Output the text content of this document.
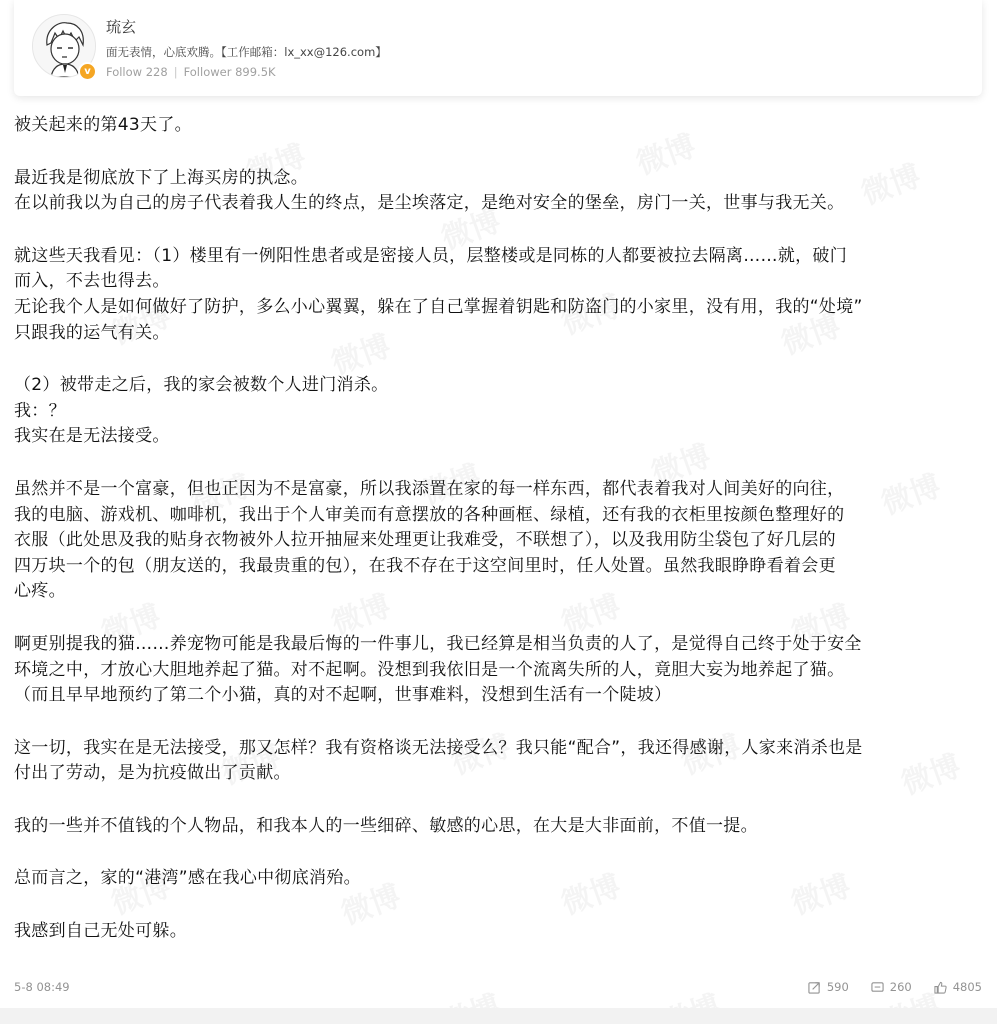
v
琉玄
面无表情，心底欢腾。【工作邮箱：lx_xx@126.com】
Follow 228 | Follower 899.5K

被关起来的第43天了。

最近我是彻底放下了上海买房的执念。

在以前我以为自己的房子代表着我人生的终点，是尘埃落定，是绝对安全的堡垒，房门一关，世事与我无关。

就这些天我看见：（1）楼里有一例阳性患者或是密接人员，层整楼或是同栋的人都要被拉去隔离……就，破门

而入，不去也得去。

无论我个人是如何做好了防护，多么小心翼翼，躲在了自己掌握着钥匙和防盗门的小家里，没有用，我的“处境”

只跟我的运气有关。

（2）被带走之后，我的家会被数个人进门消杀。

我：？

我实在是无法接受。

虽然并不是一个富豪，但也正因为不是富豪，所以我添置在家的每一样东西，都代表着我对人间美好的向往，

我的电脑、游戏机、咖啡机，我出于个人审美而有意摆放的各种画框、绿植，还有我的衣柜里按颜色整理好的

衣服（此处思及我的贴身衣物被外人拉开抽屉来处理更让我难受，不联想了），以及我用防尘袋包了好几层的

四万块一个的包（朋友送的，我最贵重的包），在我不存在于这空间里时，任人处置。虽然我眼睁睁看着会更

心疼。

啊更别提我的猫……养宠物可能是我最后悔的一件事儿，我已经算是相当负责的人了，是觉得自己终于处于安全

环境之中，才放心大胆地养起了猫。对不起啊。没想到我依旧是一个流离失所的人，竟胆大妄为地养起了猫。

（而且早早地预约了第二个小猫，真的对不起啊，世事难料，没想到生活有一个陡坡）

这一切，我实在是无法接受，那又怎样？我有资格谈无法接受么？我只能“配合”，我还得感谢，人家来消杀也是

付出了劳动，是为抗疫做出了贡献。

我的一些并不值钱的个人物品，和我本人的一些细碎、敏感的心思，在大是大非面前，不值一提。

总而言之，家的“港湾”感在我心中彻底消殆。

我感到自己无处可躲。

5-8 08:49	590	260	4805
